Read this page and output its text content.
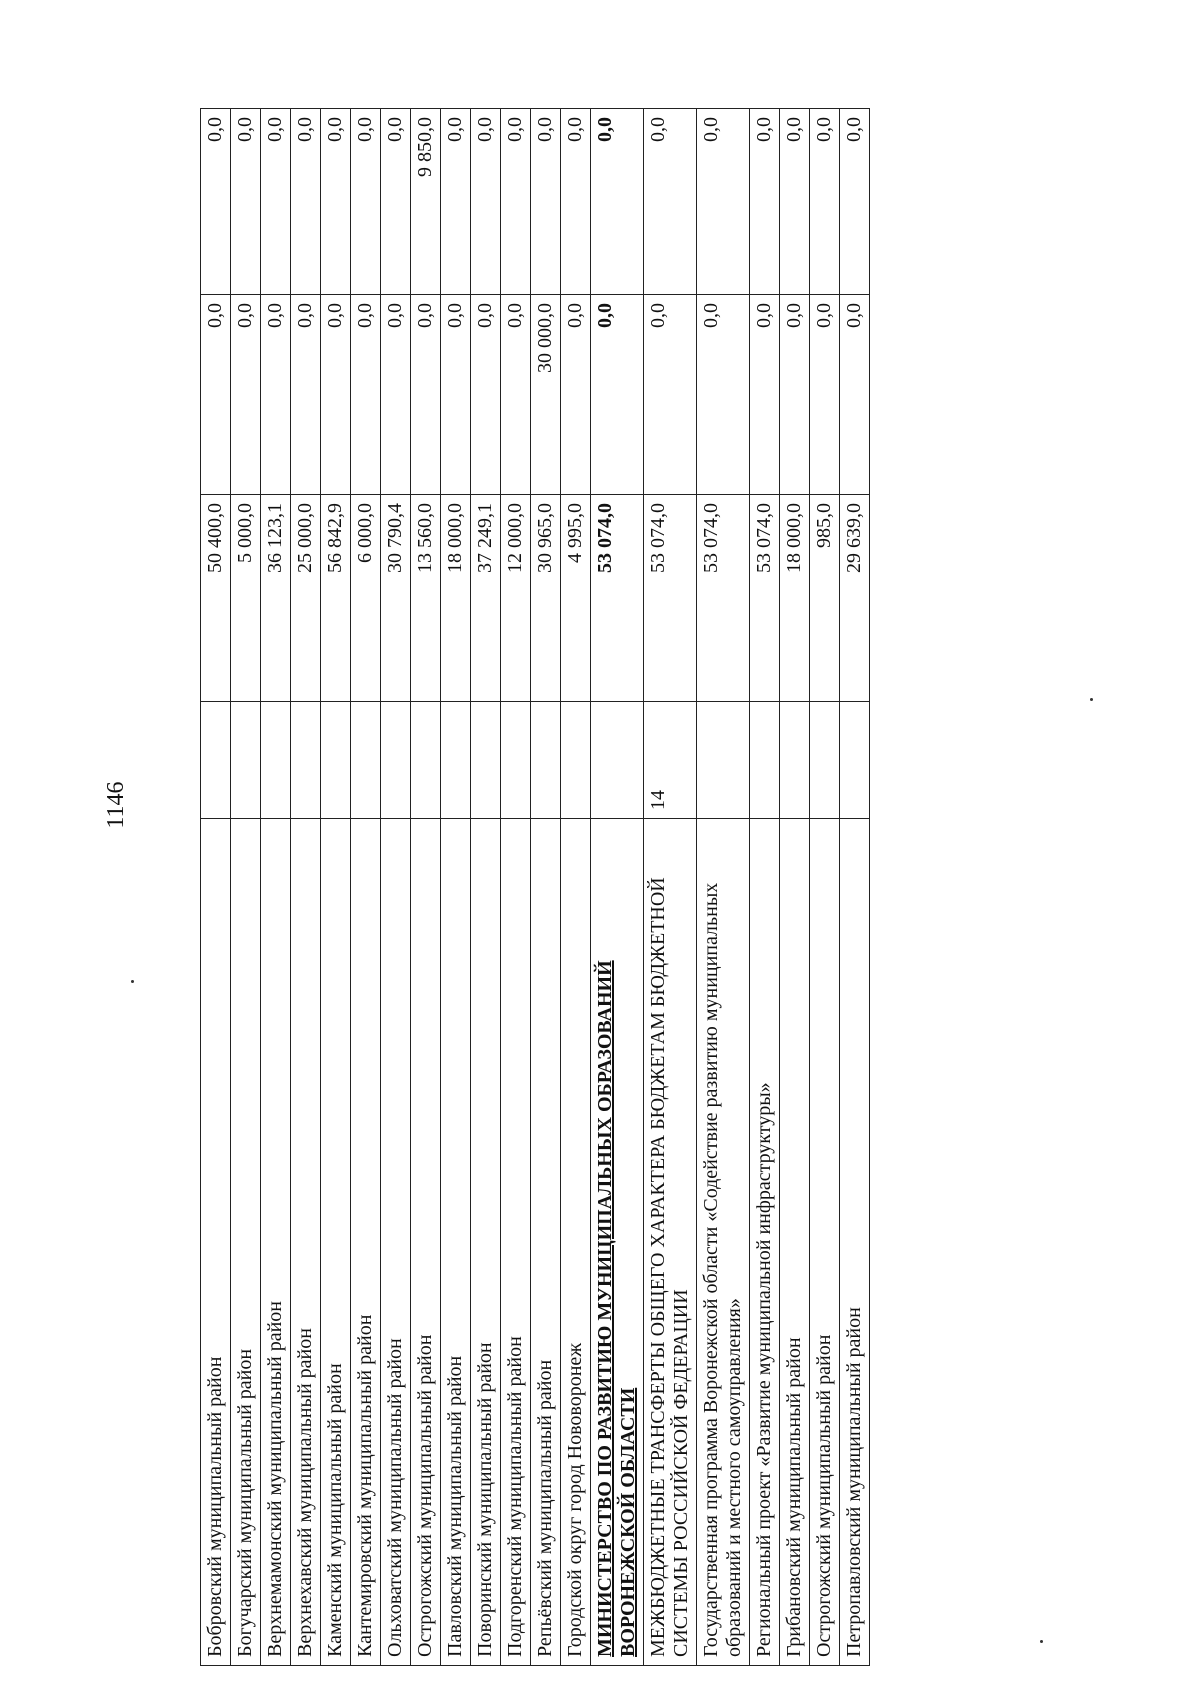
1146
Бобровский муниципальный район		50 400,0	0,0	0,0
Богучарский муниципальный район		5 000,0	0,0	0,0
Верхнемамонский муниципальный район		36 123,1	0,0	0,0
Верхнехавский муниципальный район		25 000,0	0,0	0,0
Каменский муниципальный район		56 842,9	0,0	0,0
Кантемировский муниципальный район		6 000,0	0,0	0,0
Ольховатский муниципальный район		30 790,4	0,0	0,0
Острогожский муниципальный район		13 560,0	0,0	9 850,0
Павловский муниципальный район		18 000,0	0,0	0,0
Поворинский муниципальный район		37 249,1	0,0	0,0
Подгоренский муниципальный район		12 000,0	0,0	0,0
Репьёвский муниципальный район		30 965,0	30 000,0	0,0
Городской округ город Нововоронеж		4 995,0	0,0	0,0
МИНИСТЕРСТВО ПО РАЗВИТИЮ МУНИЦИПАЛЬНЫХ ОБРАЗОВАНИЙ ВОРОНЕЖСКОЙ ОБЛАСТИ		53 074,0	0,0	0,0
МЕЖБЮДЖЕТНЫЕ ТРАНСФЕРТЫ ОБЩЕГО ХАРАКТЕРА БЮДЖЕТАМ БЮДЖЕТНОЙ СИСТЕМЫ РОССИЙСКОЙ ФЕДЕРАЦИИ	14	53 074,0	0,0	0,0
Государственная программа Воронежской области «Содействие развитию муниципальных образований и местного самоуправления»		53 074,0	0,0	0,0
Региональный проект «Развитие муниципальной инфраструктуры»		53 074,0	0,0	0,0
Грибановский муниципальный район		18 000,0	0,0	0,0
Острогожский муниципальный район		985,0	0,0	0,0
Петропавловский муниципальный район		29 639,0	0,0	0,0
